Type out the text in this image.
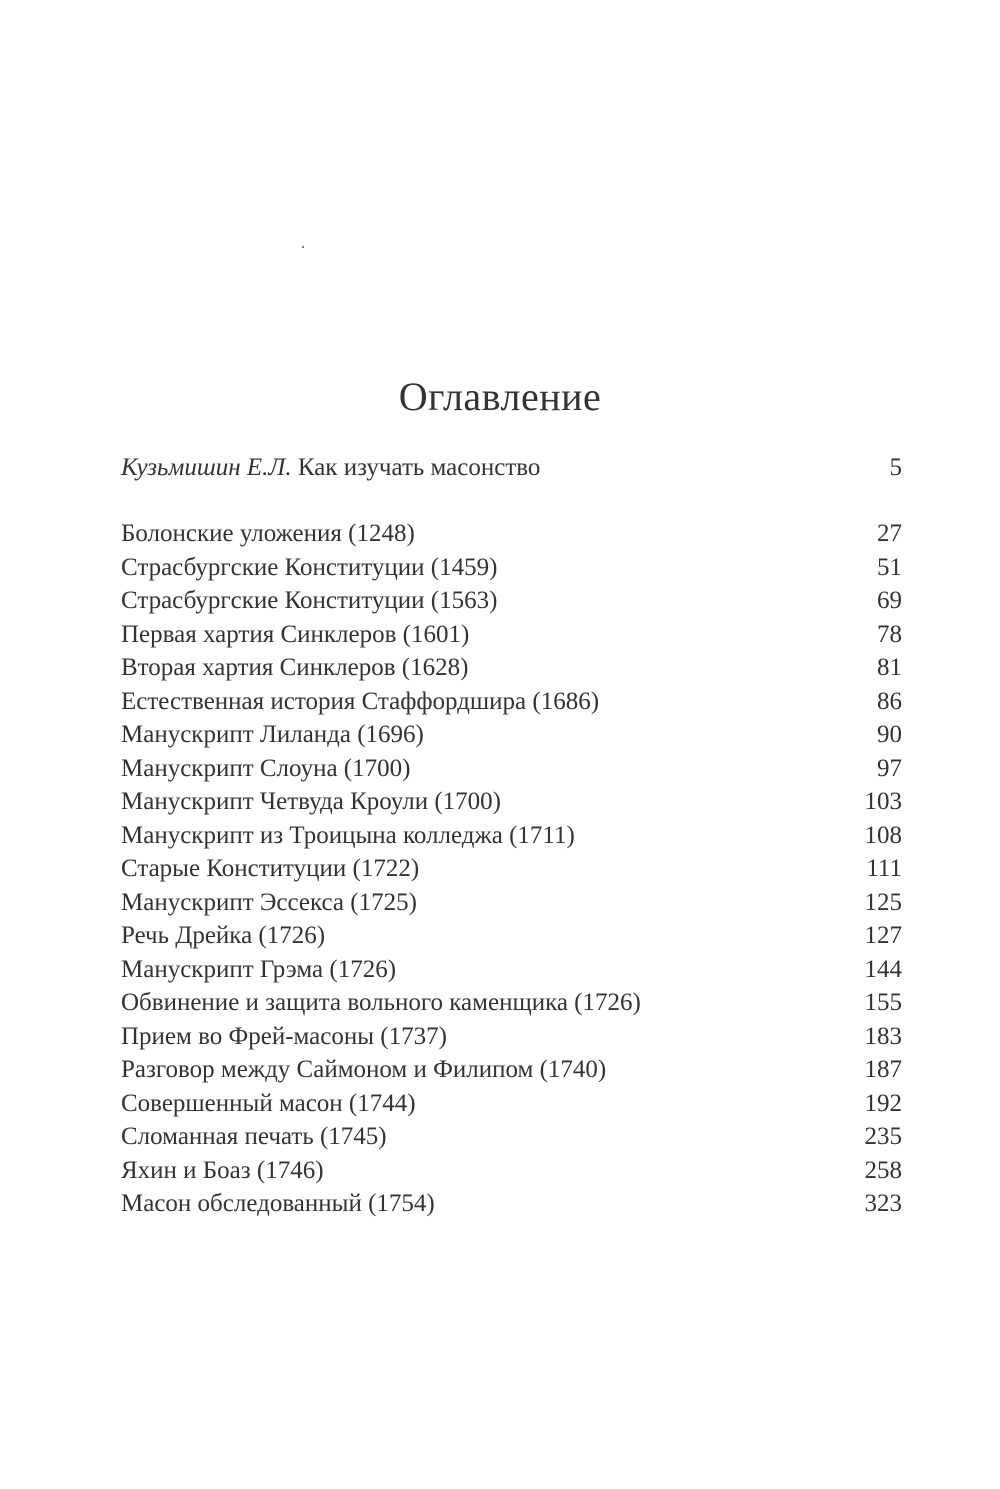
Оглавление
Кузьмишин Е.Л. Как изучать масонство	5
Болонские уложения (1248)	27
Страсбургские Конституции (1459)	51
Страсбургские Конституции (1563)	69
Первая хартия Синклеров (1601)	78
Вторая хартия Синклеров (1628)	81
Естественная история Стаффордшира (1686)	86
Манускрипт Лиланда (1696)	90
Манускрипт Слоуна (1700)	97
Манускрипт Четвуда Кроули (1700)	103
Манускрипт из Троицына колледжа (1711)	108
Старые Конституции (1722)	111
Манускрипт Эссекса (1725)	125
Речь Дрейка (1726)	127
Манускрипт Грэма (1726)	144
Обвинение и защита вольного каменщика (1726)	155
Прием во Фрей-масоны (1737)	183
Разговор между Саймоном и Филипом (1740)	187
Совершенный масон (1744)	192
Сломанная печать (1745)	235
Яхин и Боаз (1746)	258
Масон обследованный (1754)	323
